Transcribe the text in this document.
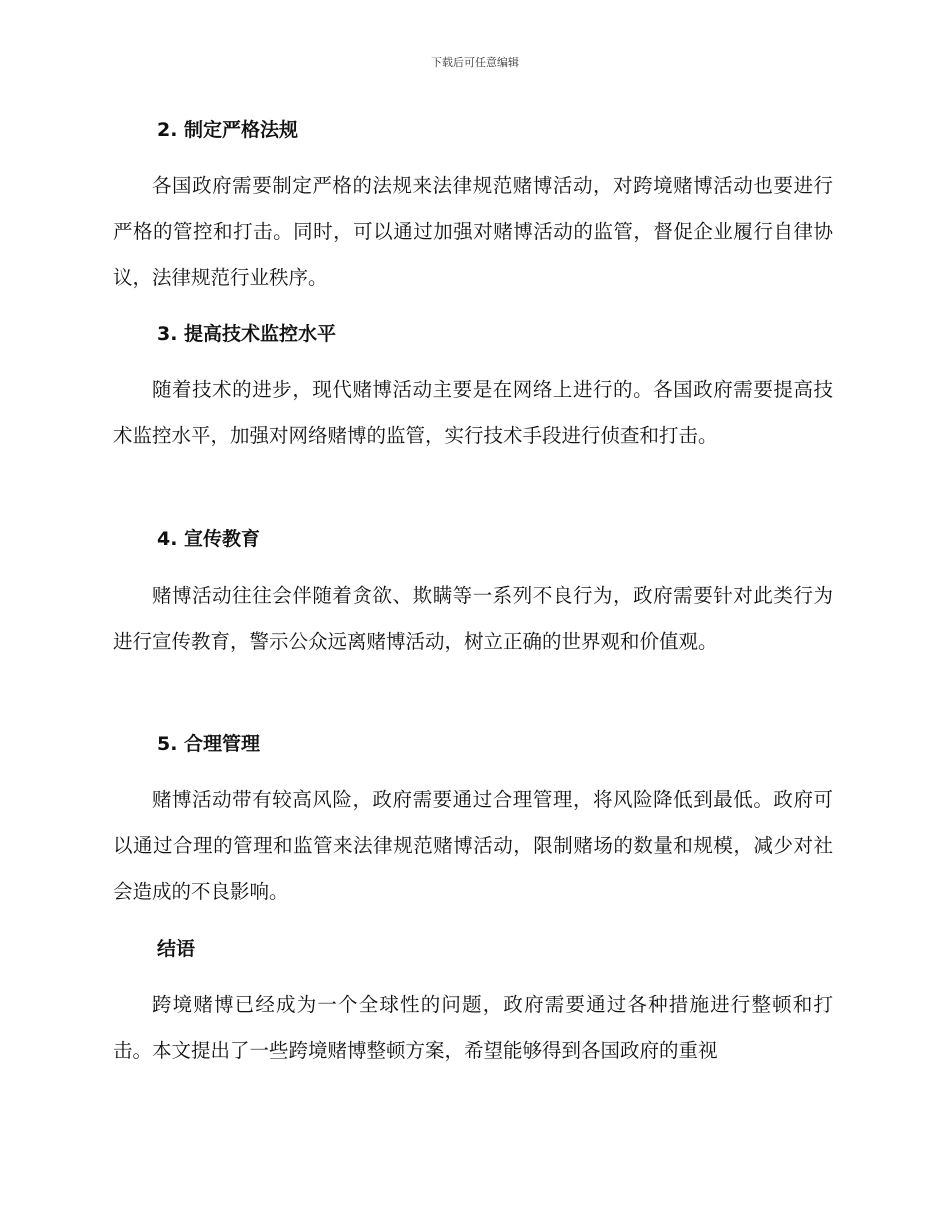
下载后可任意编辑
2. 制定严格法规

各国政府需要制定严格的法规来法律规范赌博活动，对跨境赌博活动也要进行严格的管控和打击。同时，可以通过加强对赌博活动的监管，督促企业履行自律协议，法律规范行业秩序。

3. 提高技术监控水平

随着技术的进步，现代赌博活动主要是在网络上进行的。各国政府需要提高技术监控水平，加强对网络赌博的监管，实行技术手段进行侦查和打击。

4. 宣传教育

赌博活动往往会伴随着贪欲、欺瞒等一系列不良行为，政府需要针对此类行为进行宣传教育，警示公众远离赌博活动，树立正确的世界观和价值观。

5. 合理管理

赌博活动带有较高风险，政府需要通过合理管理，将风险降低到最低。政府可以通过合理的管理和监管来法律规范赌博活动，限制赌场的数量和规模，减少对社会造成的不良影响。

结语

跨境赌博已经成为一个全球性的问题，政府需要通过各种措施进行整顿和打击。本文提出了一些跨境赌博整顿方案，希望能够得到各国政府的重视
